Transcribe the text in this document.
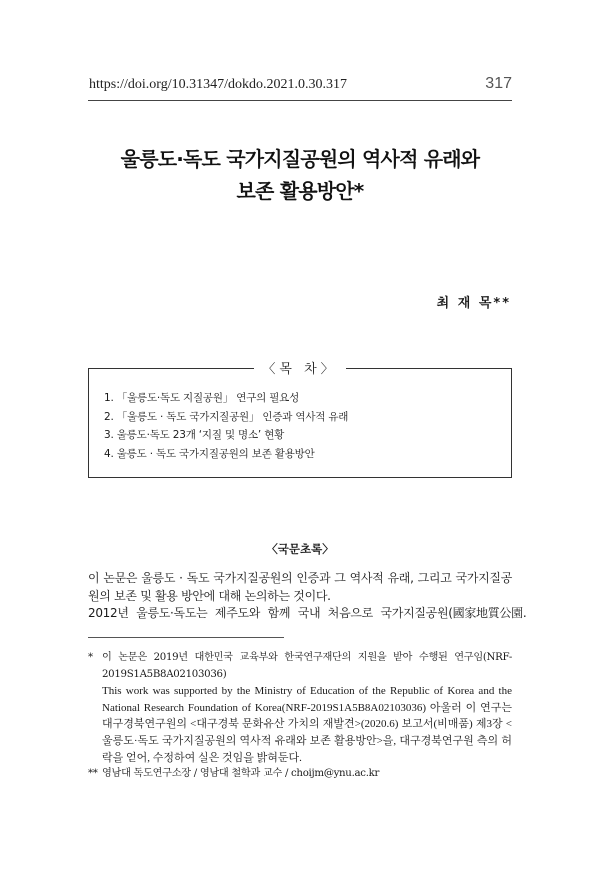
https://doi.org/10.31347/dokdo.2021.0.30.317	317
울릉도·독도 국가지질공원의 역사적 유래와
보존 활용방안*
최 재 목**
〈목 차〉
1. 「울릉도·독도 지질공원」 연구의 필요성
2. 「울릉도 · 독도 국가지질공원」 인증과 역사적 유래
3. 울릉도·독도 23개 ‘지질 및 명소’ 현황
4. 울릉도 · 독도 국가지질공원의 보존 활용방안
〈국문초록〉

이 논문은 울릉도 · 독도 국가지질공원의 인증과 그 역사적 유래, 그리고 국가지질공원의 보존 및 활용 방안에 대해 논의하는 것이다.

2012년 울릉도·독도는 제주도와 함께 국내 처음으로 국가지질공원(國家地質公園.

* 이 논문은 2019년 대한민국 교육부와 한국연구재단의 지원을 받아 수행된 연구임(NRF-2019S1A5B8A02103036)
This work was supported by the Ministry of Education of the Republic of Korea and the National Research Foundation of Korea(NRF-2019S1A5B8A02103036) 아울러 이 연구는 대구경북연구원의 <대구경북 문화유산 가치의 재발견>(2020.6) 보고서(비매품) 제3장 <울릉도·독도 국가지질공원의 역사적 유래와 보존 활용방안>을, 대구경북연구원 측의 허락을 얻어, 수정하여 실은 것임을 밝혀둔다.
** 영남대 독도연구소장 / 영남대 철학과 교수 / choijm@ynu.ac.kr
